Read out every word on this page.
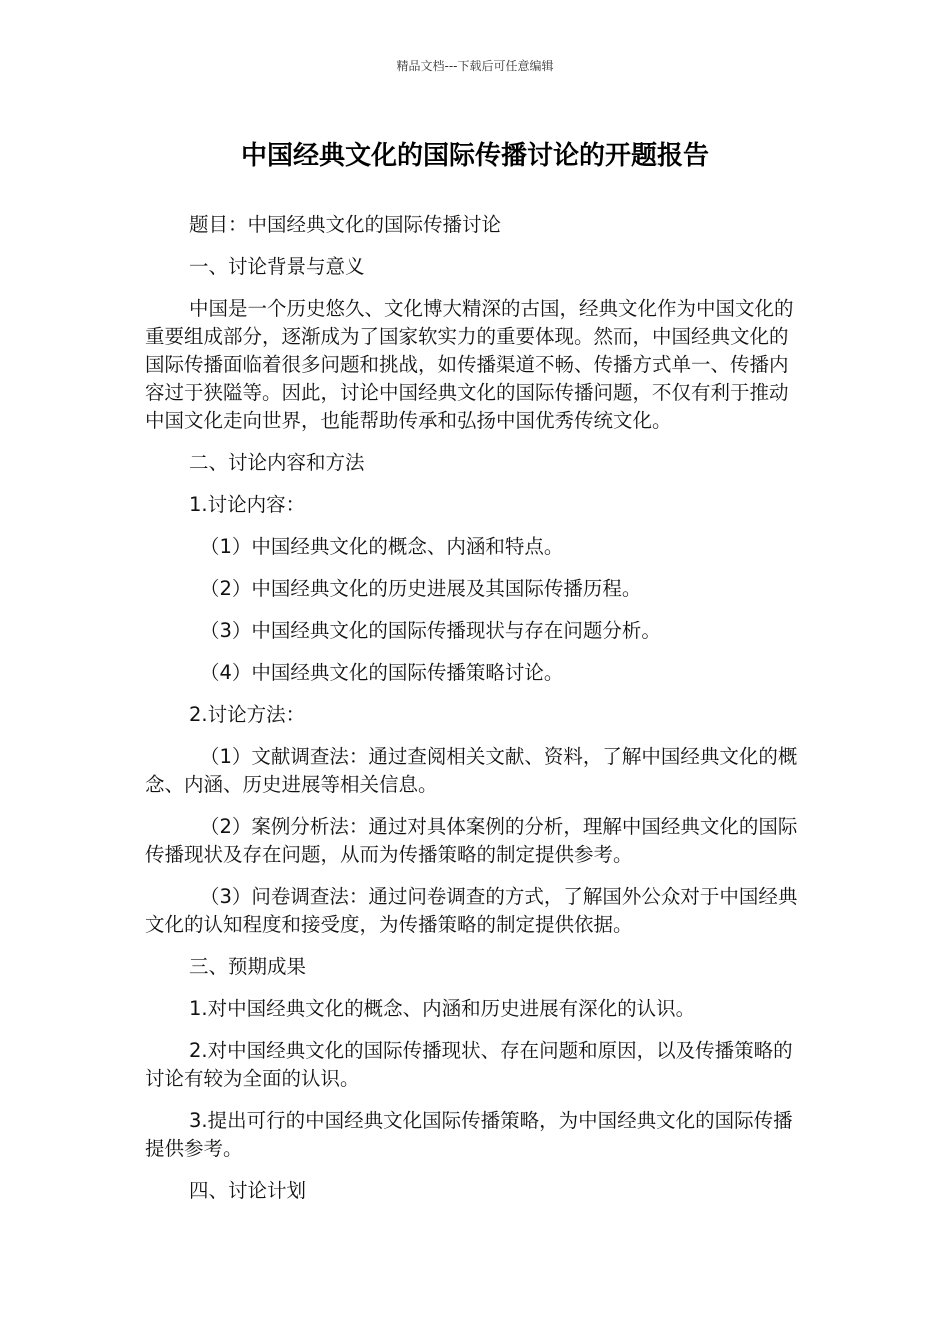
精品文档---下载后可任意编辑
中国经典文化的国际传播讨论的开题报告

题目：中国经典文化的国际传播讨论

一、讨论背景与意义

中国是一个历史悠久、文化博大精深的古国，经典文化作为中国文化的重要组成部分，逐渐成为了国家软实力的重要体现。然而，中国经典文化的国际传播面临着很多问题和挑战，如传播渠道不畅、传播方式单一、传播内容过于狭隘等。因此，讨论中国经典文化的国际传播问题，不仅有利于推动中国文化走向世界，也能帮助传承和弘扬中国优秀传统文化。

二、讨论内容和方法

1.讨论内容：

（1）中国经典文化的概念、内涵和特点。

（2）中国经典文化的历史进展及其国际传播历程。

（3）中国经典文化的国际传播现状与存在问题分析。

（4）中国经典文化的国际传播策略讨论。

2.讨论方法：

（1）文献调查法：通过查阅相关文献、资料，了解中国经典文化的概念、内涵、历史进展等相关信息。

（2）案例分析法：通过对具体案例的分析，理解中国经典文化的国际传播现状及存在问题，从而为传播策略的制定提供参考。

（3）问卷调查法：通过问卷调查的方式，了解国外公众对于中国经典文化的认知程度和接受度，为传播策略的制定提供依据。

三、预期成果

1.对中国经典文化的概念、内涵和历史进展有深化的认识。

2.对中国经典文化的国际传播现状、存在问题和原因，以及传播策略的讨论有较为全面的认识。

3.提出可行的中国经典文化国际传播策略，为中国经典文化的国际传播提供参考。

四、讨论计划
